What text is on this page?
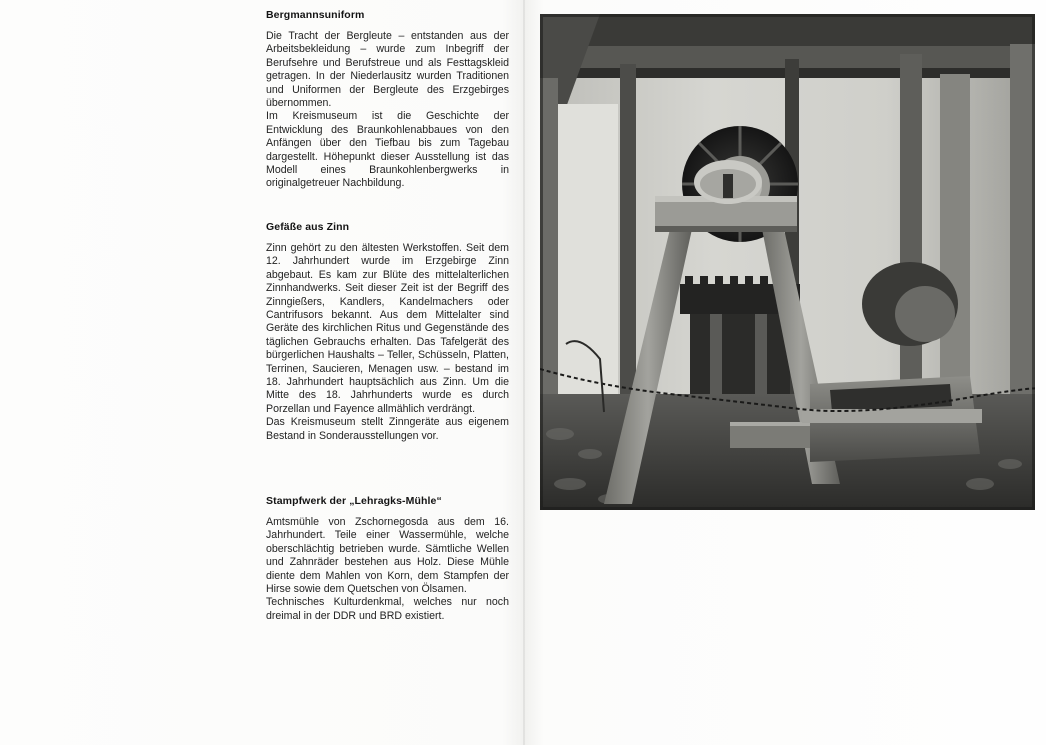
Bergmannsuniform

Die Tracht der Bergleute – entstanden aus der Arbeitsbekleidung – wurde zum Inbegriff der Berufsehre und Berufstreue und als Festtagskleid getragen. In der Niederlausitz wurden Traditionen und Uniformen der Bergleute des Erzgebirges übernommen.

Im Kreismuseum ist die Geschichte der Entwicklung des Braunkohlenabbaues von den Anfängen über den Tiefbau bis zum Tagebau dargestellt. Höhepunkt dieser Ausstellung ist das Modell eines Braunkohlenbergwerks in originalgetreuer Nachbildung.

Gefäße aus Zinn

Zinn gehört zu den ältesten Werkstoffen. Seit dem 12. Jahrhundert wurde im Erzgebirge Zinn abgebaut. Es kam zur Blüte des mittelalterlichen Zinnhandwerks. Seit dieser Zeit ist der Begriff des Zinngießers, Kandlers, Kandelmachers oder Cantrifusors bekannt. Aus dem Mittelalter sind Geräte des kirchlichen Ritus und Gegenstände des täglichen Gebrauchs erhalten. Das Tafelgerät des bürgerlichen Haushalts – Teller, Schüsseln, Platten, Terrinen, Saucieren, Menagen usw. – bestand im 18. Jahrhundert hauptsächlich aus Zinn. Um die Mitte des 18. Jahrhunderts wurde es durch Porzellan und Fayence allmählich verdrängt.

Das Kreismuseum stellt Zinngeräte aus eigenem Bestand in Sonderausstellungen vor.

Stampfwerk der „Lehragks-Mühle“

Amtsmühle von Zschornegosda aus dem 16. Jahrhundert. Teile einer Wassermühle, welche oberschlächtig betrieben wurde. Sämtliche Wellen und Zahnräder bestehen aus Holz. Diese Mühle diente dem Mahlen von Korn, dem Stampfen der Hirse sowie dem Quetschen von Ölsamen.

Technisches Kulturdenkmal, welches nur noch dreimal in der DDR und BRD existiert.
